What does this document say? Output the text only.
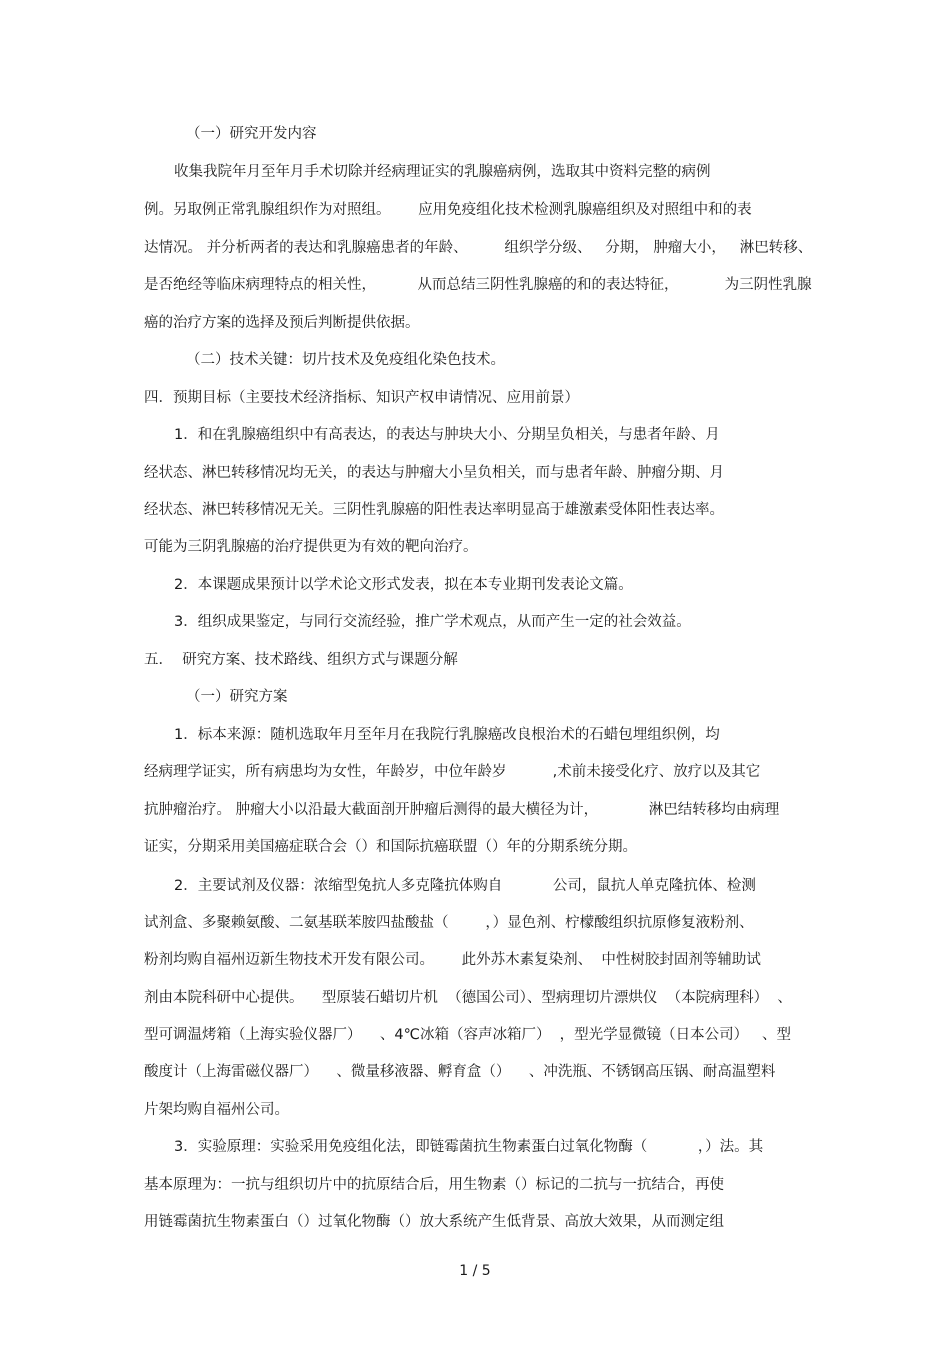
（一）研究开发内容
收集我院年月至年月手术切除并经病理证实的乳腺癌病例，选取其中资料完整的病例
例。另取例正常乳腺组织作为对照组。      应用免疫组化技术检测乳腺癌组织及对照组中和的表
达情况。 并分析两者的表达和乳腺癌患者的年龄、        组织学分级、   分期， 肿瘤大小，   淋巴转移、
是否绝经等临床病理特点的相关性，         从而总结三阴性乳腺癌的和的表达特征，          为三阴性乳腺
癌的治疗方案的选择及预后判断提供依据。
（二）技术关键：切片技术及免疫组化染色技术。
四．预期目标（主要技术经济指标、知识产权申请情况、应用前景）
1．和在乳腺癌组织中有高表达，的表达与肿块大小、分期呈负相关，与患者年龄、月
经状态、淋巴转移情况均无关，的表达与肿瘤大小呈负相关，而与患者年龄、肿瘤分期、月
经状态、淋巴转移情况无关。三阴性乳腺癌的阳性表达率明显高于雄激素受体阳性表达率。
可能为三阴乳腺癌的治疗提供更为有效的靶向治疗。
2．本课题成果预计以学术论文形式发表，拟在本专业期刊发表论文篇。
3．组织成果鉴定，与同行交流经验，推广学术观点，从而产生一定的社会效益。
五．  研究方案、技术路线、组织方式与课题分解
（一）研究方案
1．标本来源：随机选取年月至年月在我院行乳腺癌改良根治术的石蜡包埋组织例，均
经病理学证实，所有病患均为女性，年龄岁，中位年龄岁          ,术前未接受化疗、放疗以及其它
抗肿瘤治疗。 肿瘤大小以沿最大截面剖开肿瘤后测得的最大横径为计，           淋巴结转移均由病理
证实，分期采用美国癌症联合会（）和国际抗癌联盟（）年的分期系统分期。
2．主要试剂及仪器：浓缩型兔抗人多克隆抗体购自           公司，鼠抗人单克隆抗体、检测
试剂盒、多聚赖氨酸、二氨基联苯胺四盐酸盐（        ，）显色剂、柠檬酸组织抗原修复液粉剂、
粉剂均购自福州迈新生物技术开发有限公司。      此外苏木素复染剂、  中性树胶封固剂等辅助试
剂由本院科研中心提供。    型原装石蜡切片机  （德国公司）、型病理切片漂烘仪  （本院病理科）  、
型可调温烤箱（上海实验仪器厂）    、4℃冰箱（容声冰箱厂）  ，型光学显微镜（日本公司）   、型
酸度计（上海雷磁仪器厂）    、微量移液器、孵育盒（）    、冲洗瓶、不锈钢高压锅、耐高温塑料
片架均购自福州公司。
3．实验原理：实验采用免疫组化法，即链霉菌抗生物素蛋白过氧化物酶（           ，）法。其
基本原理为：一抗与组织切片中的抗原结合后，用生物素（）标记的二抗与一抗结合，再使
用链霉菌抗生物素蛋白（）过氧化物酶（）放大系统产生低背景、高放大效果，从而测定组
1 / 5
